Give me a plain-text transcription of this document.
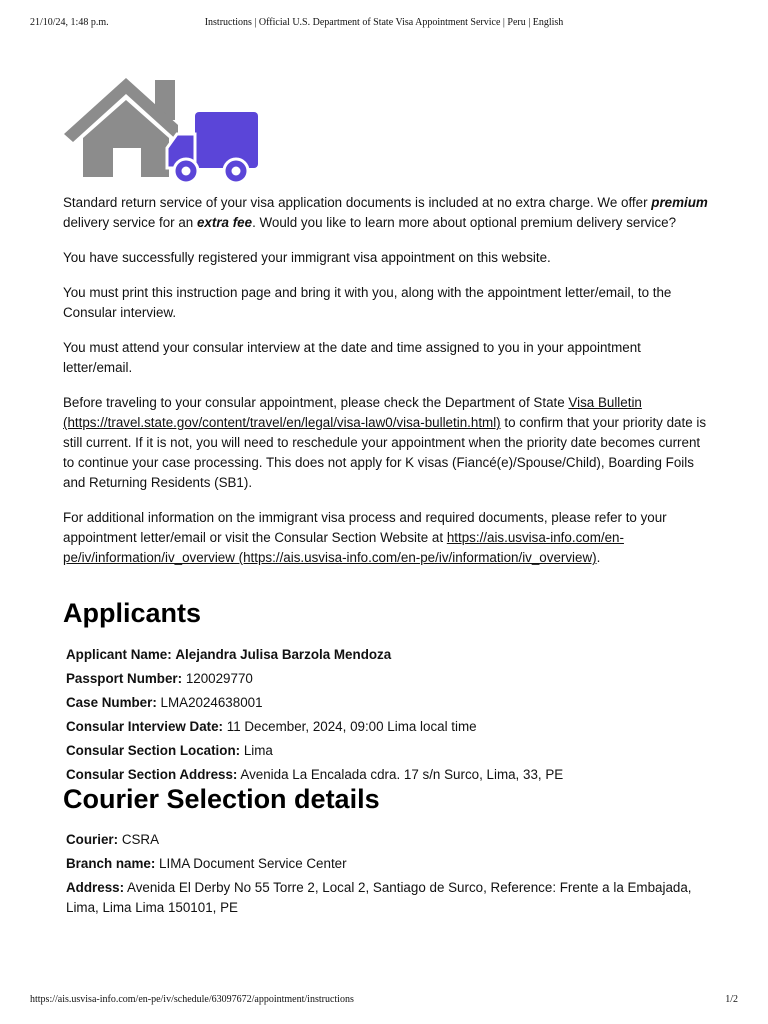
21/10/24, 1:48 p.m.	Instructions | Official U.S. Department of State Visa Appointment Service | Peru | English

Standard return service of your visa application documents is included at no extra charge. We offer premium delivery service for an extra fee. Would you like to learn more about optional premium delivery service?

You have successfully registered your immigrant visa appointment on this website.

You must print this instruction page and bring it with you, along with the appointment letter/email, to the Consular interview.

You must attend your consular interview at the date and time assigned to you in your appointment letter/email.

Before traveling to your consular appointment, please check the Department of State Visa Bulletin (https://travel.state.gov/content/travel/en/legal/visa-law0/visa-bulletin.html) to confirm that your priority date is still current. If it is not, you will need to reschedule your appointment when the priority date becomes current to continue your case processing. This does not apply for K visas (Fiancé(e)/Spouse/Child), Boarding Foils and Returning Residents (SB1).

For additional information on the immigrant visa process and required documents, please refer to your appointment letter/email or visit the Consular Section Website at https://ais.usvisa-info.com/en-pe/iv/information/iv_overview (https://ais.usvisa-info.com/en-pe/iv/information/iv_overview).

Applicants
Applicant Name: Alejandra Julisa Barzola Mendoza
Passport Number: 120029770
Case Number: LMA2024638001
Consular Interview Date: 11 December, 2024, 09:00 Lima local time
Consular Section Location: Lima
Consular Section Address: Avenida La Encalada cdra. 17 s/n Surco, Lima, 33, PE
Courier Selection details
Courier: CSRA
Branch name: LIMA Document Service Center
Address: Avenida El Derby No 55 Torre 2, Local 2, Santiago de Surco, Reference: Frente a la Embajada, Lima, Lima Lima 150101, PE
https://ais.usvisa-info.com/en-pe/iv/schedule/63097672/appointment/instructions	1/2
